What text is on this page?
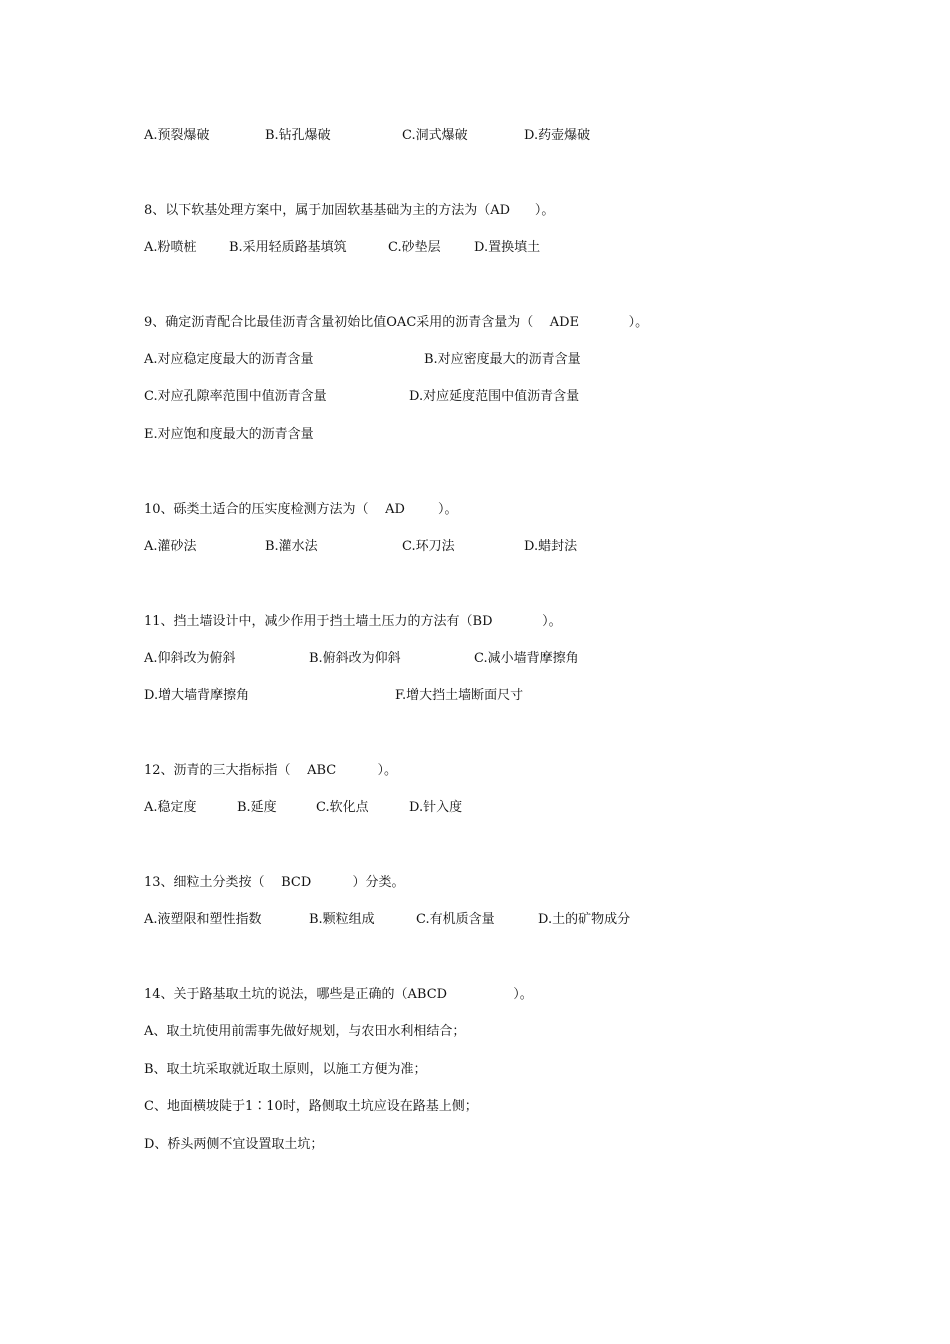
A.预裂爆破	B.钻孔爆破	C.洞式爆破	D.药壶爆破

8、以下软基处理方案中，属于加固软基基础为主的方法为（AD      ）。

A.粉喷桩 B.采用轻质路基填筑	C.砂垫层	D.置换填土

9、确定沥青配合比最佳沥青含量初始比值OAC采用的沥青含量为（    ADE            ）。

A.对应稳定度最大的沥青含量	B.对应密度最大的沥青含量
C.对应孔隙率范围中值沥青含量	D.对应延度范围中值沥青含量
E.对应饱和度最大的沥青含量

10、砾类土适合的压实度检测方法为（    AD        ）。

A.灌砂法	B.灌水法	C.环刀法	D.蜡封法

11、挡土墙设计中，减少作用于挡土墙土压力的方法有（BD            ）。

A.仰斜改为俯斜	B.俯斜改为仰斜	C.减小墙背摩擦角
D.增大墙背摩擦角	F.增大挡土墙断面尺寸

12、沥青的三大指标指（    ABC          ）。

A.稳定度	B.延度	C.软化点	D.针入度

13、细粒土分类按（    BCD          ）分类。

A.液塑限和塑性指数	B.颗粒组成	C.有机质含量	D.土的矿物成分

14、关于路基取土坑的说法，哪些是正确的（ABCD                ）。

A、取土坑使用前需事先做好规划，与农田水利相结合；

B、取土坑采取就近取土原则，以施工方便为准；

C、地面横坡陡于1∶10时，路侧取土坑应设在路基上侧；

D、桥头两侧不宜设置取土坑；
